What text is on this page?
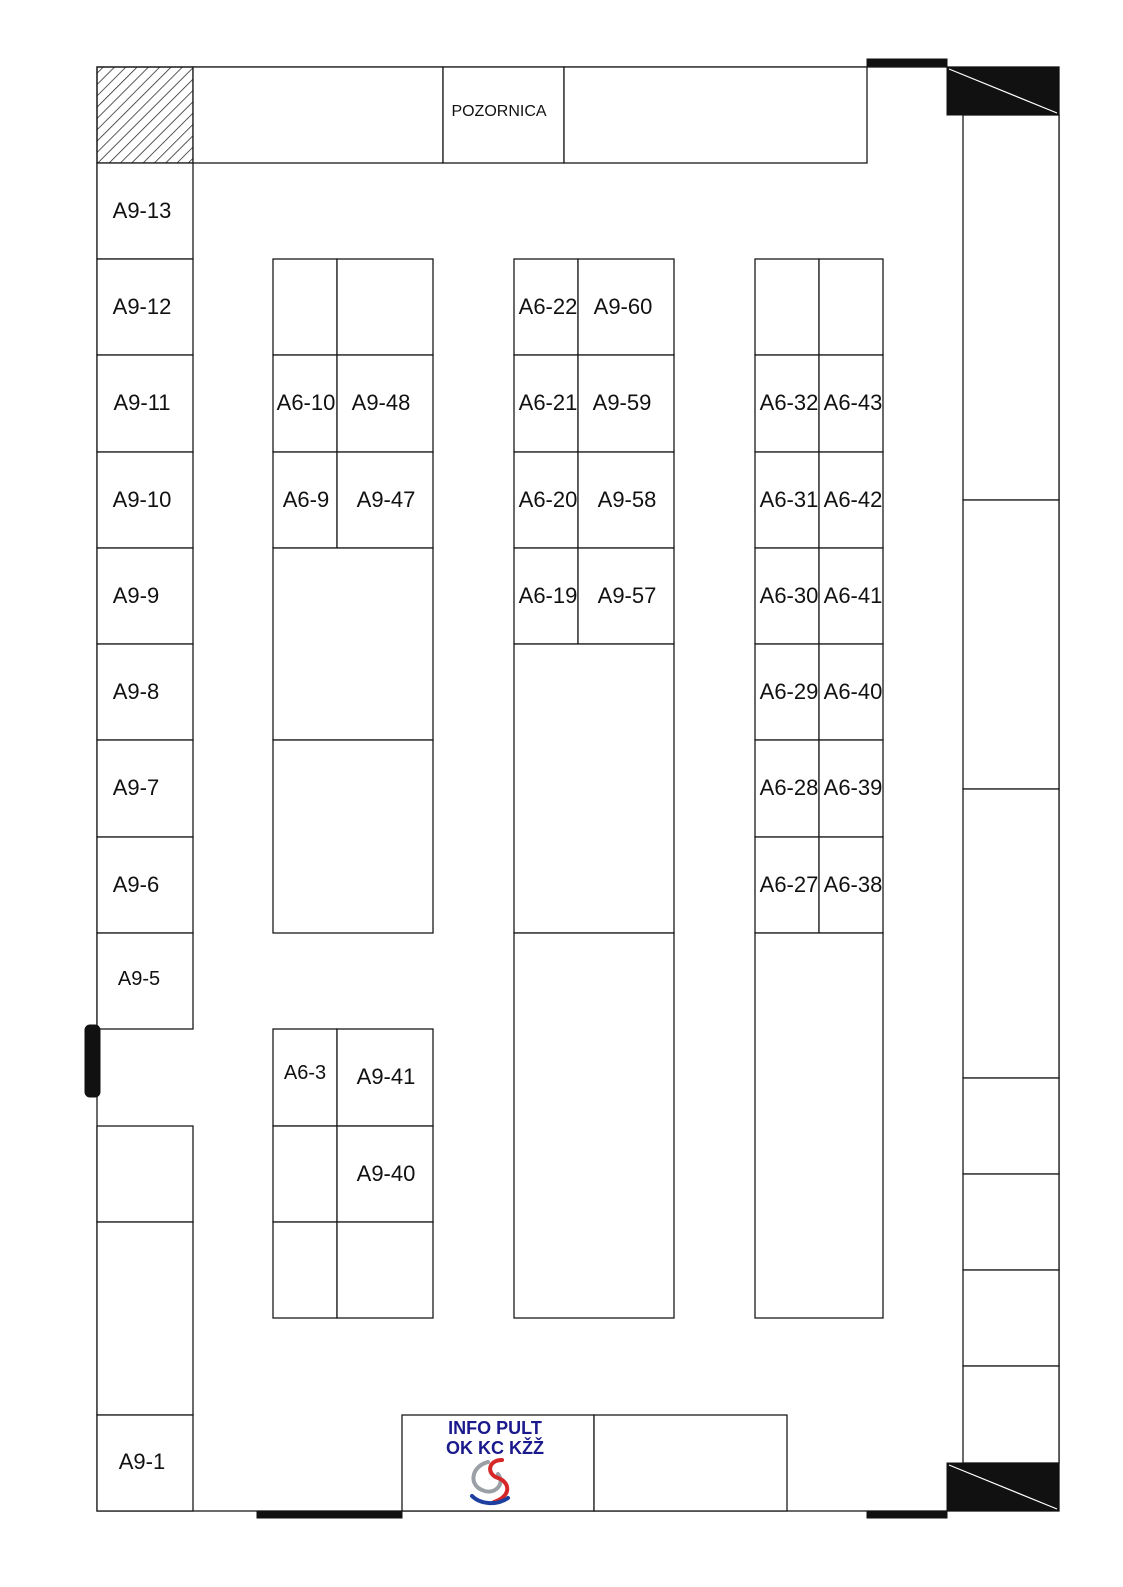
POZORNICA
A9-13
A9-12
A9-11
A9-10
A9-9
A9-8
A9-7
A9-6
A9-5
A9-1
A6-10 A9-48
A6-9 A9-47
A6-3 A9-41
A9-40
A6-22 A9-60
A6-21 A9-59
A6-20 A9-58
A6-19 A9-57
A6-32 A6-43
A6-31 A6-42
A6-30 A6-41
A6-29 A6-40
A6-28 A6-39
A6-27 A6-38
INFO PULT
OK KC KŽŽ
